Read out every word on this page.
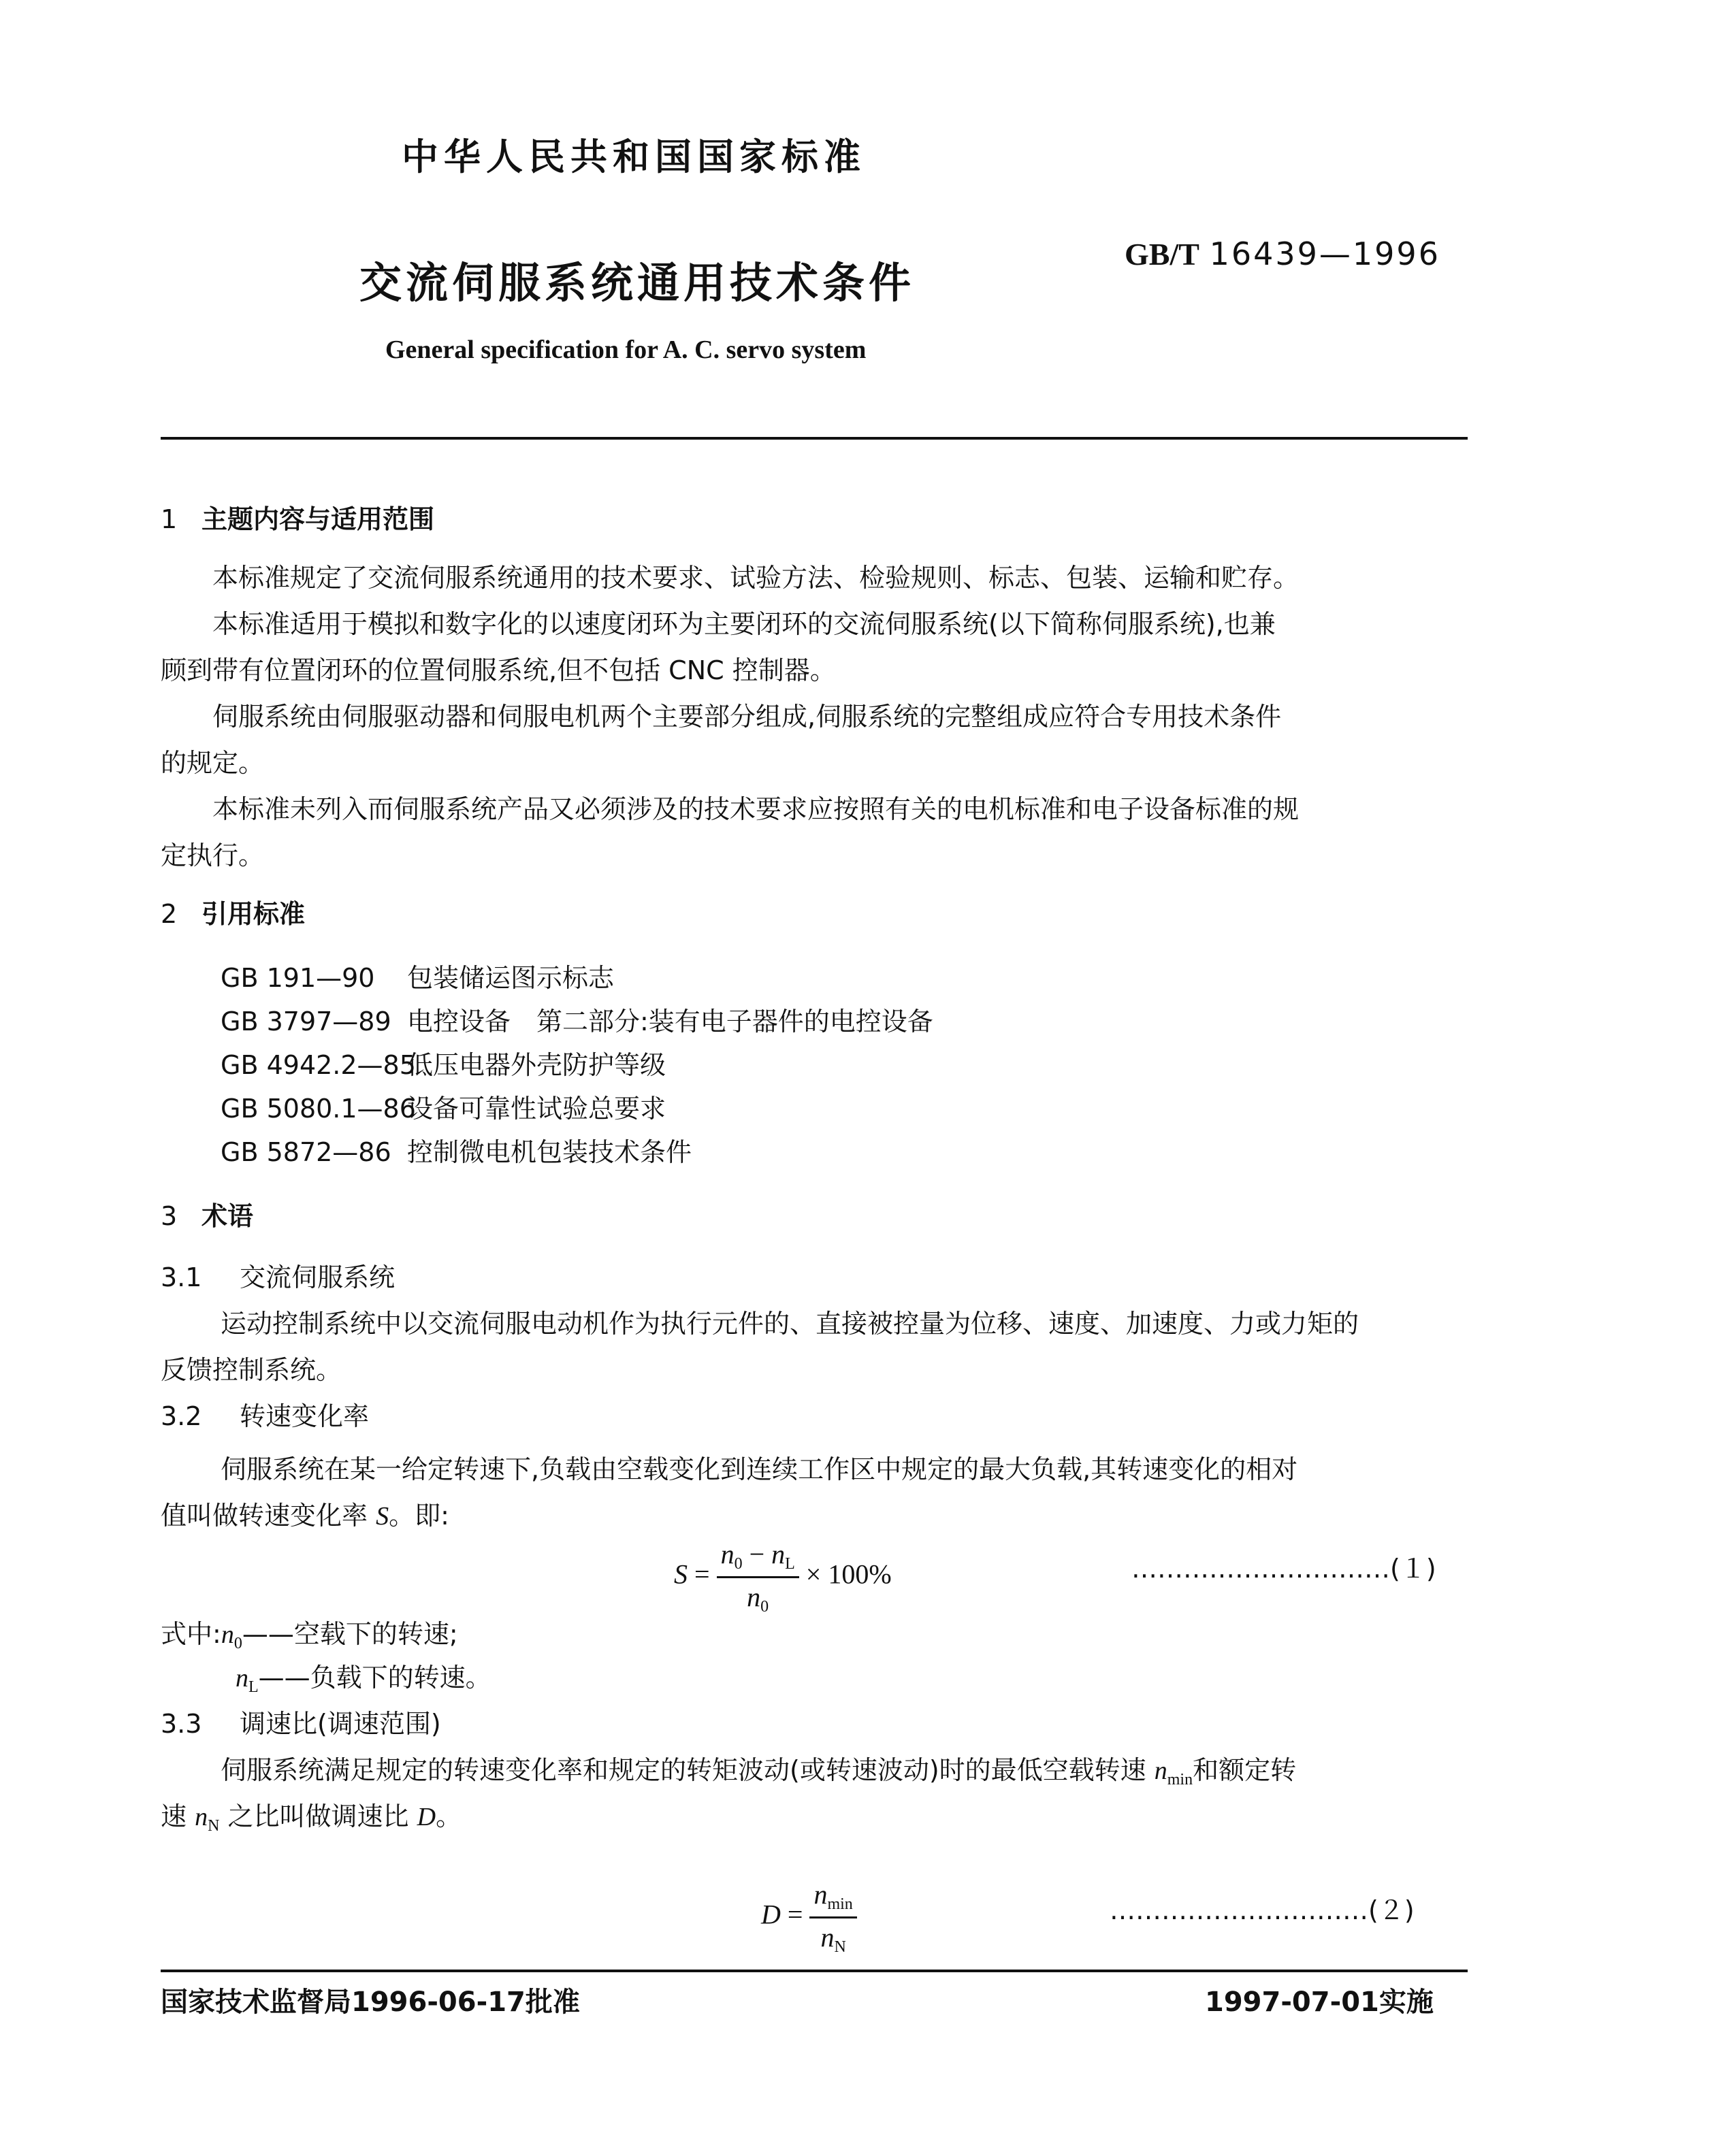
中华人民共和国国家标准
交流伺服系统通用技术条件
GB/T 16439—1996
General specification for A. C. servo system
1 主题内容与适用范围
本标准规定了交流伺服系统通用的技术要求、试验方法、检验规则、标志、包装、运输和贮存。
本标准适用于模拟和数字化的以速度闭环为主要闭环的交流伺服系统(以下简称伺服系统),也兼
顾到带有位置闭环的位置伺服系统,但不包括 CNC 控制器。
伺服系统由伺服驱动器和伺服电机两个主要部分组成,伺服系统的完整组成应符合专用技术条件
的规定。
本标准未列入而伺服系统产品又必须涉及的技术要求应按照有关的电机标准和电子设备标准的规
定执行。
2 引用标准
GB 191—90 包装储运图示标志
GB 3797—89 电控设备　第二部分:装有电子器件的电控设备
GB 4942.2—85低压电器外壳防护等级
GB 5080.1—86设备可靠性试验总要求
GB 5872—86 控制微电机包装技术条件
3 术语
3.1 交流伺服系统
运动控制系统中以交流伺服电动机作为执行元件的、直接被控量为位移、速度、加速度、力或力矩的
反馈控制系统。
3.2 转速变化率
伺服系统在某一给定转速下,负载由空载变化到连续工作区中规定的最大负载,其转速变化的相对
值叫做转速变化率 S。即:
$S = \frac{n_0 - n_L}{n_0} \times 100\%$	…………………………(１)
式中$:n_0——$空载下的转速;
$n_L——$负载下的转速。
3.3 调速比(调速范围)
伺服系统满足规定的转速变化率和规定的转矩波动(或转速波动)时的最低空载转速 $n_{min}$和额定转
速 $n_N$ 之比叫做调速比 D。
$D = \frac{n_{min}}{n_N}$	…………………………(２)
国家技术监督局1996-06-17批准	1997-07-01实施
